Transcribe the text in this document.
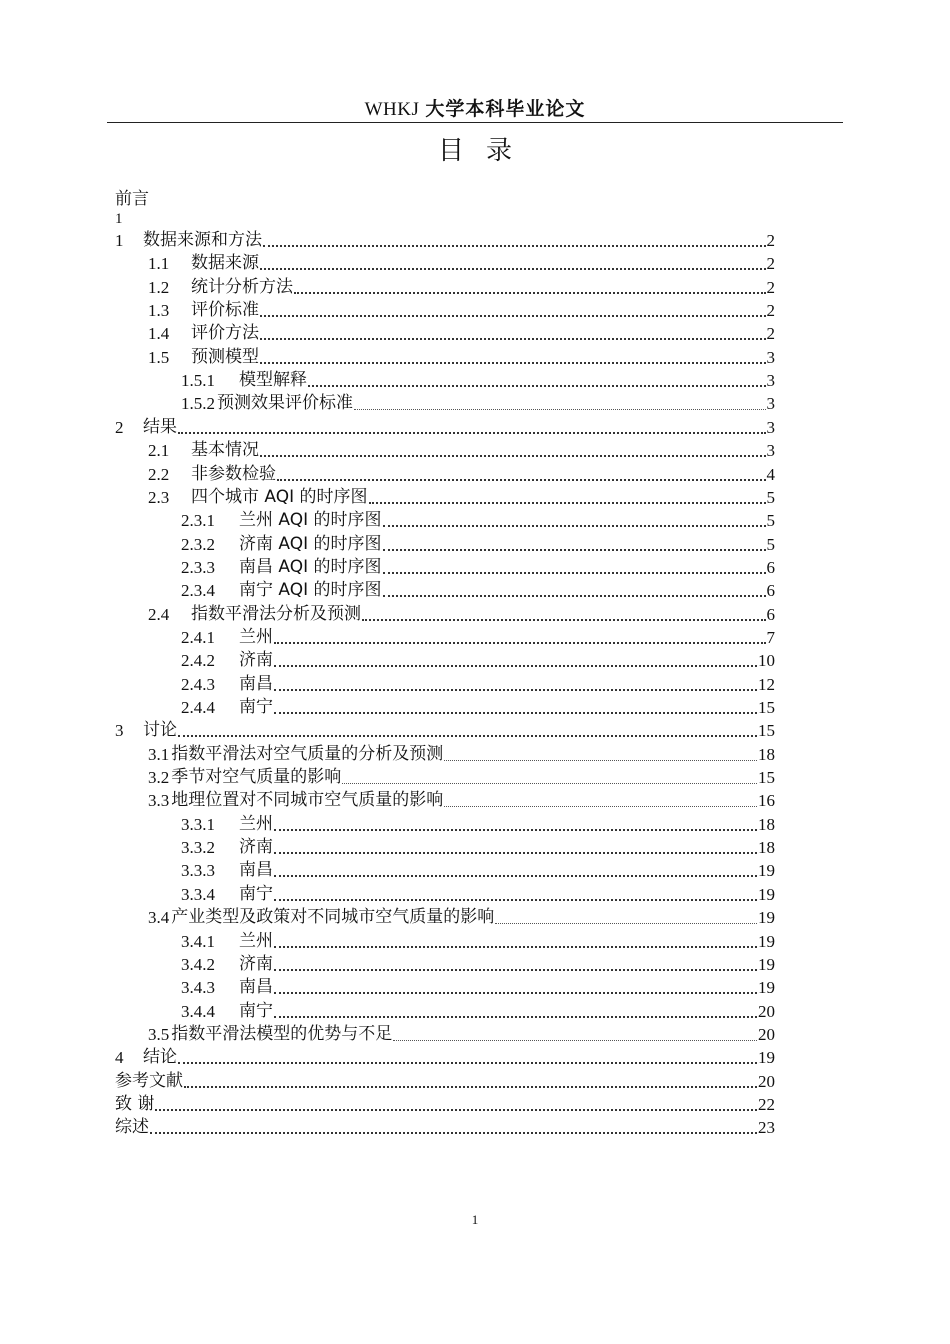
WHKJ 大学本科毕业论文
目录
前言
1
1	数据来源和方法	2
1.1	数据来源	2
1.2	统计分析方法	2
1.3	评价标准	2
1.4	评价方法	2
1.5	预测模型	3
1.5.1	模型解释	3
1.5.2 预测效果评价标准	3
2	结果	3
2.1	基本情况	3
2.2	非参数检验	4
2.3	四个城市 AQI 的时序图	5
2.3.1	兰州 AQI 的时序图	5
2.3.2	济南 AQI 的时序图	5
2.3.3	南昌 AQI 的时序图	6
2.3.4	南宁 AQI 的时序图	6
2.4	指数平滑法分析及预测	6
2.4.1	兰州	7
2.4.2	济南	10
2.4.3	南昌	12
2.4.4	南宁	15
3	讨论	15
3.1 指数平滑法对空气质量的分析及预测	18
3.2 季节对空气质量的影响	15
3.3 地理位置对不同城市空气质量的影响	16
3.3.1	兰州	18
3.3.2	济南	18
3.3.3	南昌	19
3.3.4	南宁	19
3.4 产业类型及政策对不同城市空气质量的影响	19
3.4.1	兰州	19
3.4.2	济南	19
3.4.3	南昌	19
3.4.4	南宁	20
3.5 指数平滑法模型的优势与不足	20
4	结论	19
参考文献	20
致 谢	22
综述	23
1
